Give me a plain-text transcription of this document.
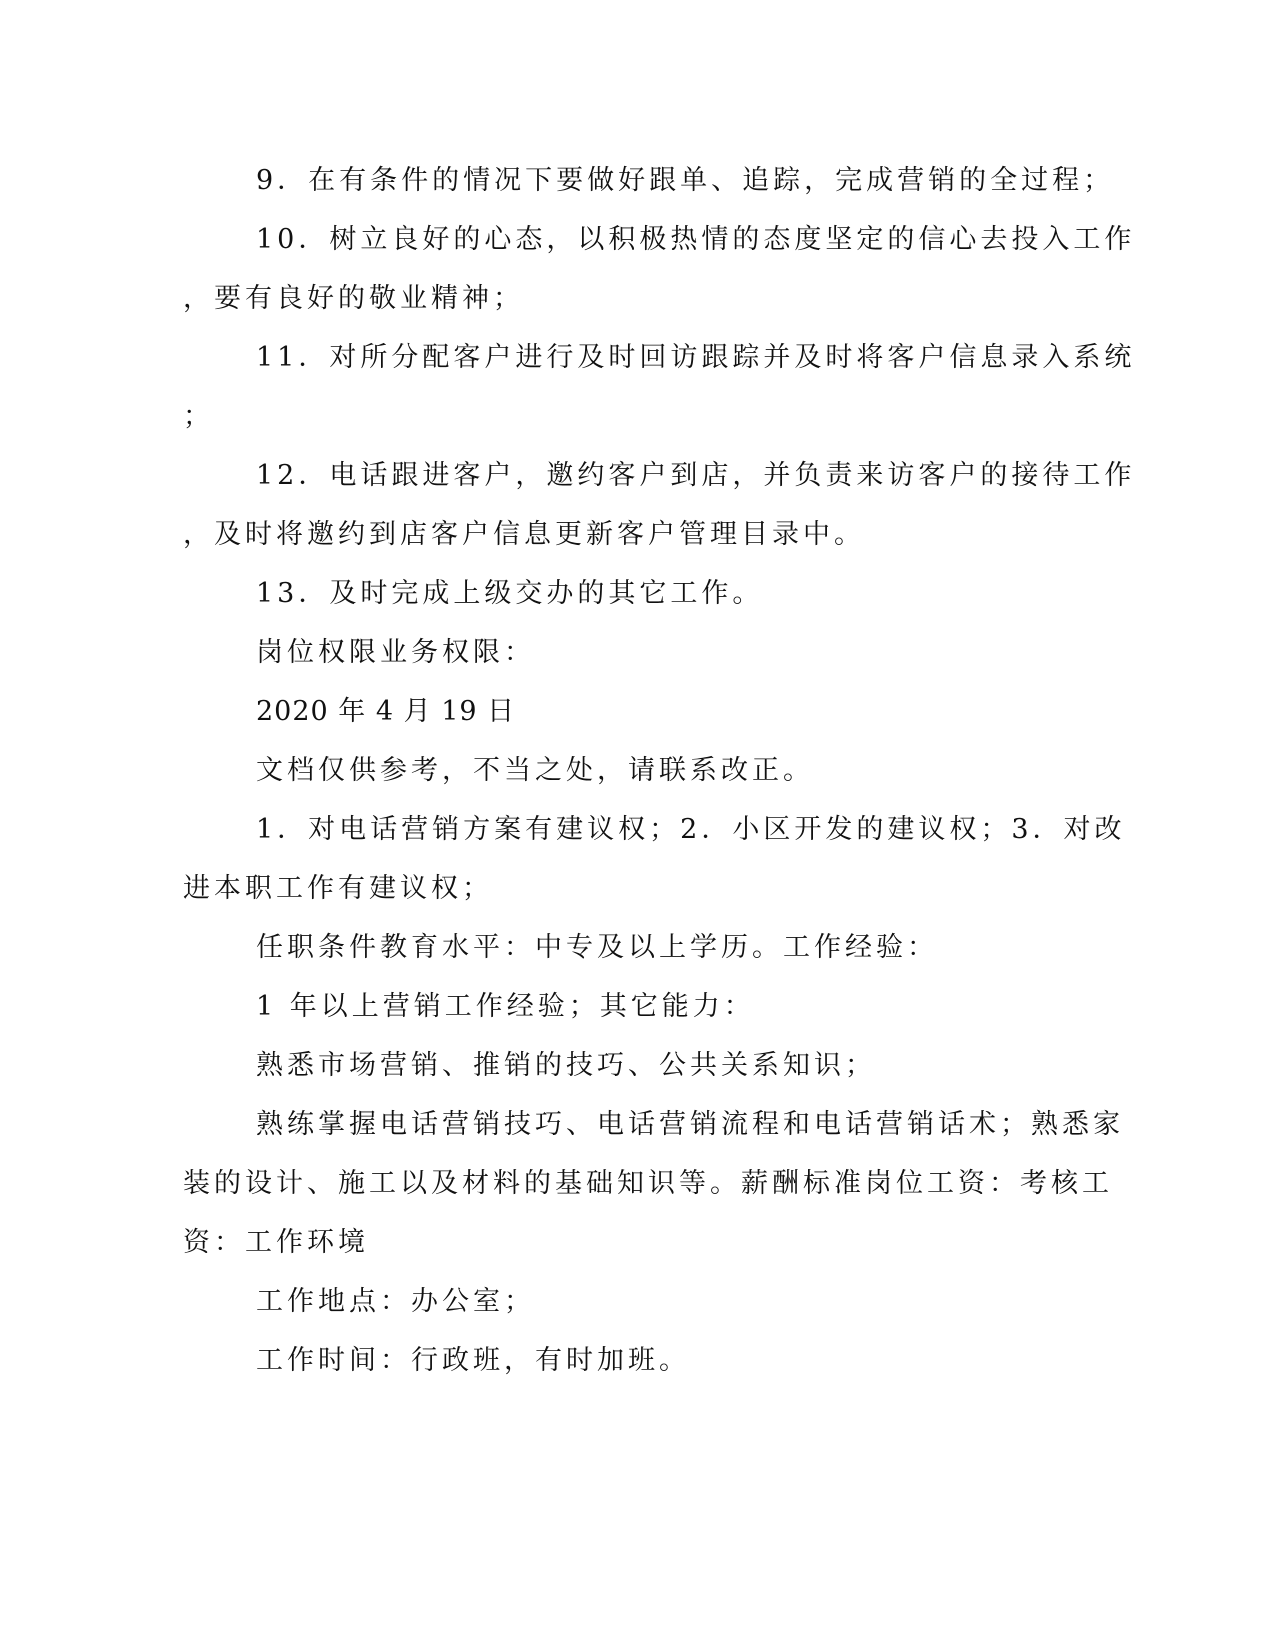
9．在有条件的情况下要做好跟单、追踪，完成营销的全过程；
10．树立良好的心态，以积极热情的态度坚定的信心去投入工作
，要有良好的敬业精神；
11．对所分配客户进行及时回访跟踪并及时将客户信息录入系统
；
12．电话跟进客户，邀约客户到店，并负责来访客户的接待工作
，及时将邀约到店客户信息更新客户管理目录中。
13．及时完成上级交办的其它工作。
岗位权限业务权限：
2020 年 4 月 19 日
文档仅供参考，不当之处，请联系改正。
1．对电话营销方案有建议权；2．小区开发的建议权；3．对改
进本职工作有建议权；
任职条件教育水平：中专及以上学历。工作经验：
1 年以上营销工作经验；其它能力：
熟悉市场营销、推销的技巧、公共关系知识；
熟练掌握电话营销技巧、电话营销流程和电话营销话术；熟悉家
装的设计、施工以及材料的基础知识等。薪酬标准岗位工资：考核工
资：工作环境
工作地点：办公室；
工作时间：行政班，有时加班。
